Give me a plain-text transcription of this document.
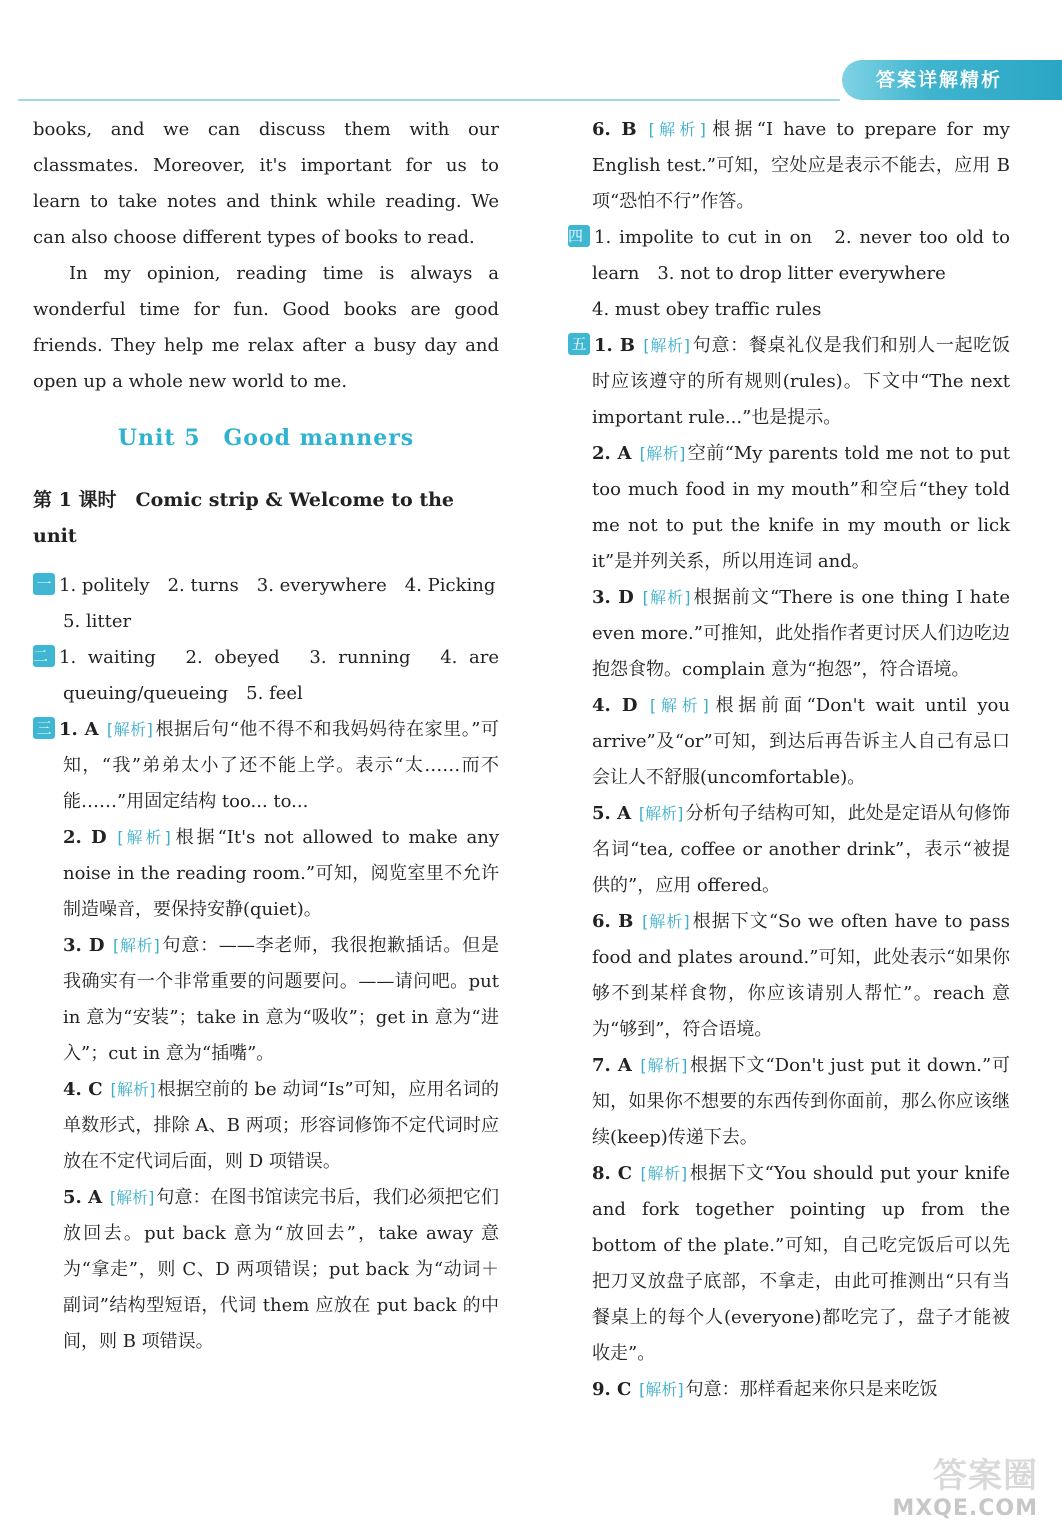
答案详解精析
books, and we can discuss them with our classmates. Moreover, it's important for us to learn to take notes and think while reading. We can also choose different types of books to read.
In my opinion, reading time is always a wonderful time for fun. Good books are good friends. They help me relax after a busy day and open up a whole new world to me.
Unit 5　Good manners
第 1 课时　Comic strip & Welcome to the unit
一 1. politely　2. turns　3. everywhere　4. Picking
5. litter
二 1. waiting　2. obeyed　3. running　4. are queuing/queueing　5. feel
三 1. A [解析] 根据后句“他不得不和我妈妈待在家里。”可知，“我”弟弟太小了还不能上学。表示“太……而不能……”用固定结构 too... to...
2. D [解析] 根据“It's not allowed to make any noise in the reading room.”可知，阅览室里不允许制造噪音，要保持安静(quiet)。
3. D [解析] 句意：——李老师，我很抱歉插话。但是我确实有一个非常重要的问题要问。——请问吧。put in 意为“安装”；take in 意为“吸收”；get in 意为“进入”；cut in 意为“插嘴”。
4. C [解析] 根据空前的 be 动词“Is”可知，应用名词的单数形式，排除 A、B 两项；形容词修饰不定代词时应放在不定代词后面，则 D 项错误。
5. A [解析] 句意：在图书馆读完书后，我们必须把它们放回去。put back 意为“放回去”，take away 意为“拿走”，则 C、D 两项错误；put back 为“动词＋副词”结构型短语，代词 them 应放在 put back 的中间，则 B 项错误。
6. B [解析] 根据“I have to prepare for my English test.”可知，空处应是表示不能去，应用 B 项“恐怕不行”作答。
四 1. impolite to cut in on　2. never too old to learn　3. not to drop litter everywhere
4. must obey traffic rules
五 1. B [解析] 句意：餐桌礼仪是我们和别人一起吃饭时应该遵守的所有规则(rules)。下文中“The next important rule...”也是提示。
2. A [解析] 空前“My parents told me not to put too much food in my mouth”和空后“they told me not to put the knife in my mouth or lick it”是并列关系，所以用连词 and。
3. D [解析] 根据前文“There is one thing I hate even more.”可推知，此处指作者更讨厌人们边吃边抱怨食物。complain 意为“抱怨”，符合语境。
4. D [解析] 根据前面“Don't wait until you arrive”及“or”可知，到达后再告诉主人自己有忌口会让人不舒服(uncomfortable)。
5. A [解析] 分析句子结构可知，此处是定语从句修饰名词“tea, coffee or another drink”，表示“被提供的”，应用 offered。
6. B [解析] 根据下文“So we often have to pass food and plates around.”可知，此处表示“如果你够不到某样食物，你应该请别人帮忙”。reach 意为“够到”，符合语境。
7. A [解析] 根据下文“Don't just put it down.”可知，如果你不想要的东西传到你面前，那么你应该继续(keep)传递下去。
8. C [解析] 根据下文“You should put your knife and fork together pointing up from the bottom of the plate.”可知，自己吃完饭后可以先把刀叉放盘子底部，不拿走，由此可推测出“只有当餐桌上的每个人(everyone)都吃完了，盘子才能被收走”。
9. C [解析] 句意：那样看起来你只是来吃饭
答案圈
MXQE.COM
